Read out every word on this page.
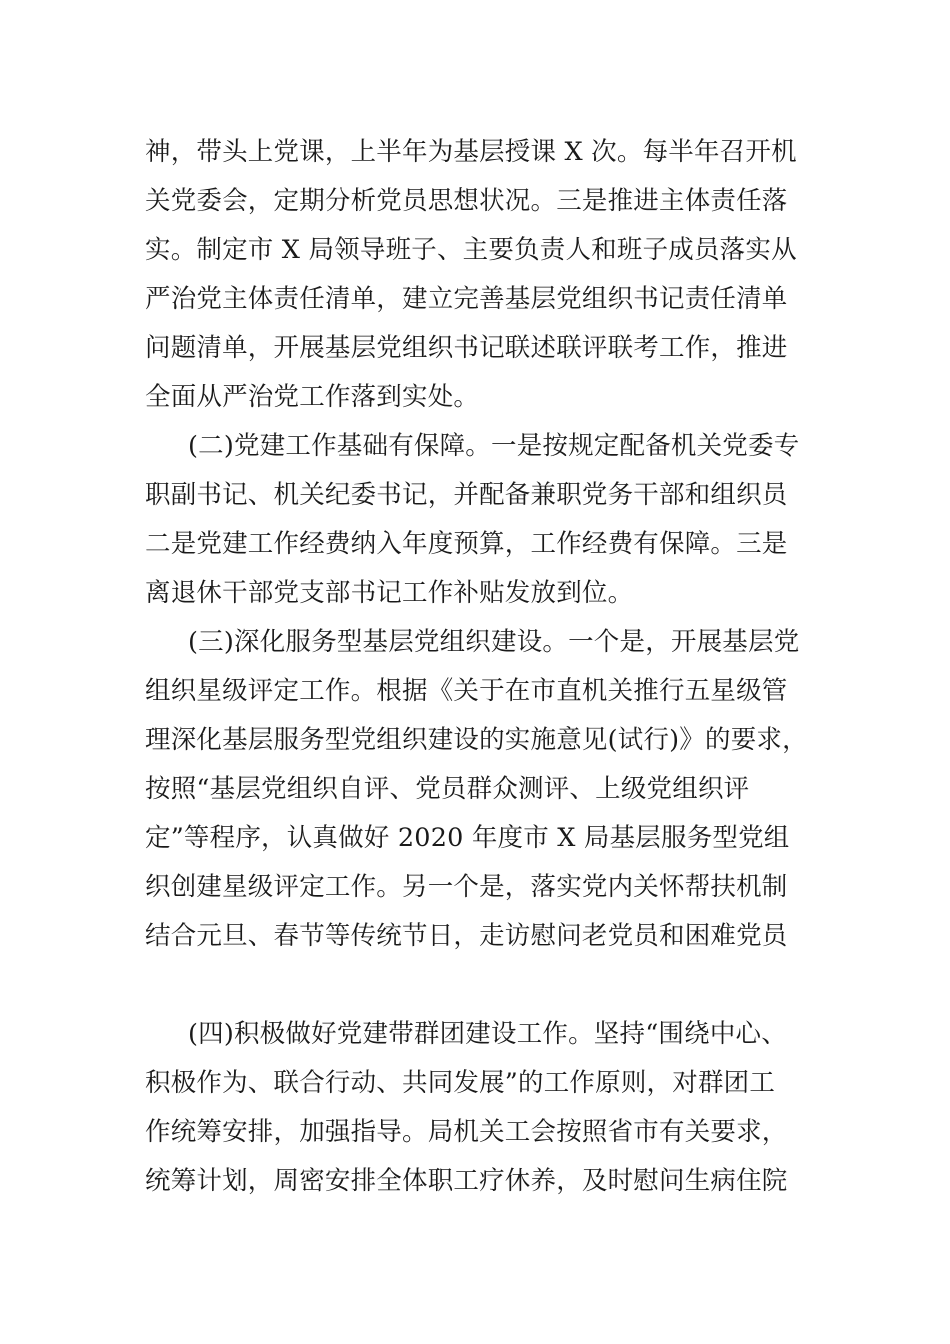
神，带头上党课，上半年为基层授课 X 次。每半年召开机
关党委会，定期分析党员思想状况。三是推进主体责任落
实。制定市 X 局领导班子、主要负责人和班子成员落实从
严治党主体责任清单，建立完善基层党组织书记责任清单
问题清单，开展基层党组织书记联述联评联考工作，推进
全面从严治党工作落到实处。
(二)党建工作基础有保障。一是按规定配备机关党委专
职副书记、机关纪委书记，并配备兼职党务干部和组织员
二是党建工作经费纳入年度预算，工作经费有保障。三是
离退休干部党支部书记工作补贴发放到位。
(三)深化服务型基层党组织建设。一个是，开展基层党
组织星级评定工作。根据《关于在市直机关推行五星级管
理深化基层服务型党组织建设的实施意见(试行)》的要求，
按照“基层党组织自评、党员群众测评、上级党组织评
定”等程序，认真做好 2020 年度市 X 局基层服务型党组
织创建星级评定工作。另一个是，落实党内关怀帮扶机制
结合元旦、春节等传统节日，走访慰问老党员和困难党员
(四)积极做好党建带群团建设工作。坚持“围绕中心、
积极作为、联合行动、共同发展”的工作原则，对群团工
作统筹安排，加强指导。局机关工会按照省市有关要求，
统筹计划，周密安排全体职工疗休养，及时慰问生病住院
